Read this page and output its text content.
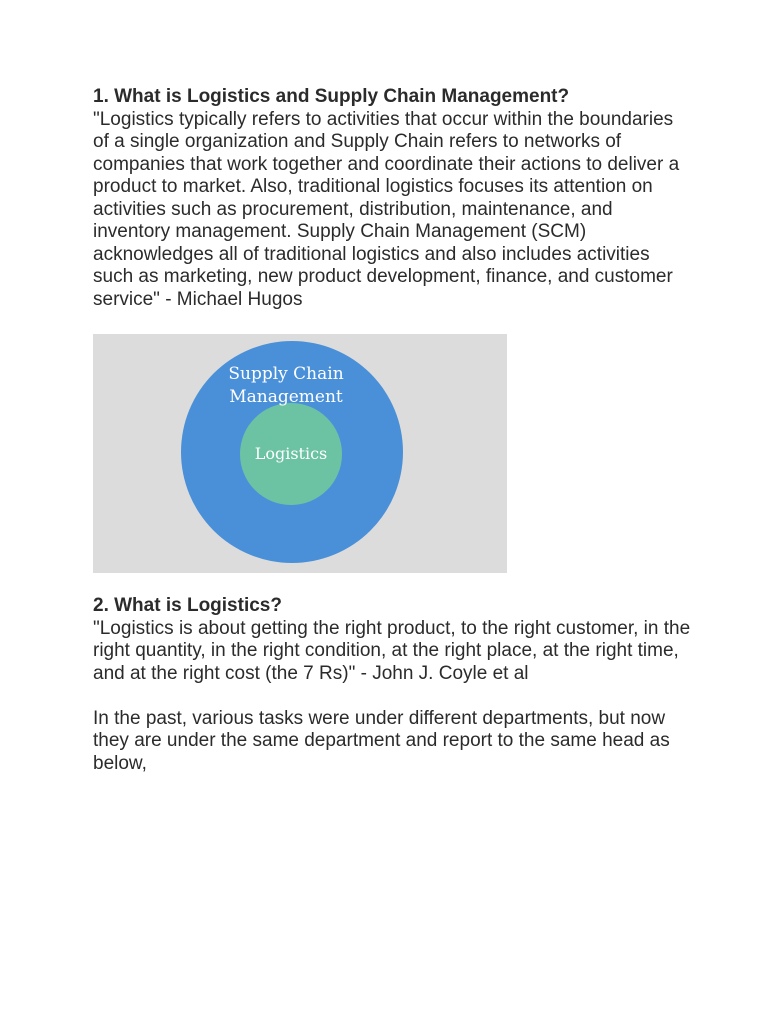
1. What is Logistics and Supply Chain Management?

"Logistics typically refers to activities that occur within the boundaries of a single organization and Supply Chain refers to networks of companies that work together and coordinate their actions to deliver a product to market. Also, traditional logistics focuses its attention on activities such as procurement, distribution, maintenance, and inventory management. Supply Chain Management (SCM) acknowledges all of traditional logistics and also includes activities such as marketing, new product development, finance, and customer service" - Michael Hugos

Supply Chain
Management
Logistics
2. What is Logistics?

"Logistics is about getting the right product, to the right customer, in the right quantity, in the right condition, at the right place, at the right time, and at the right cost (the 7 Rs)" - John J. Coyle et al

In the past, various tasks were under different departments, but now they are under the same department and report to the same head as below,
